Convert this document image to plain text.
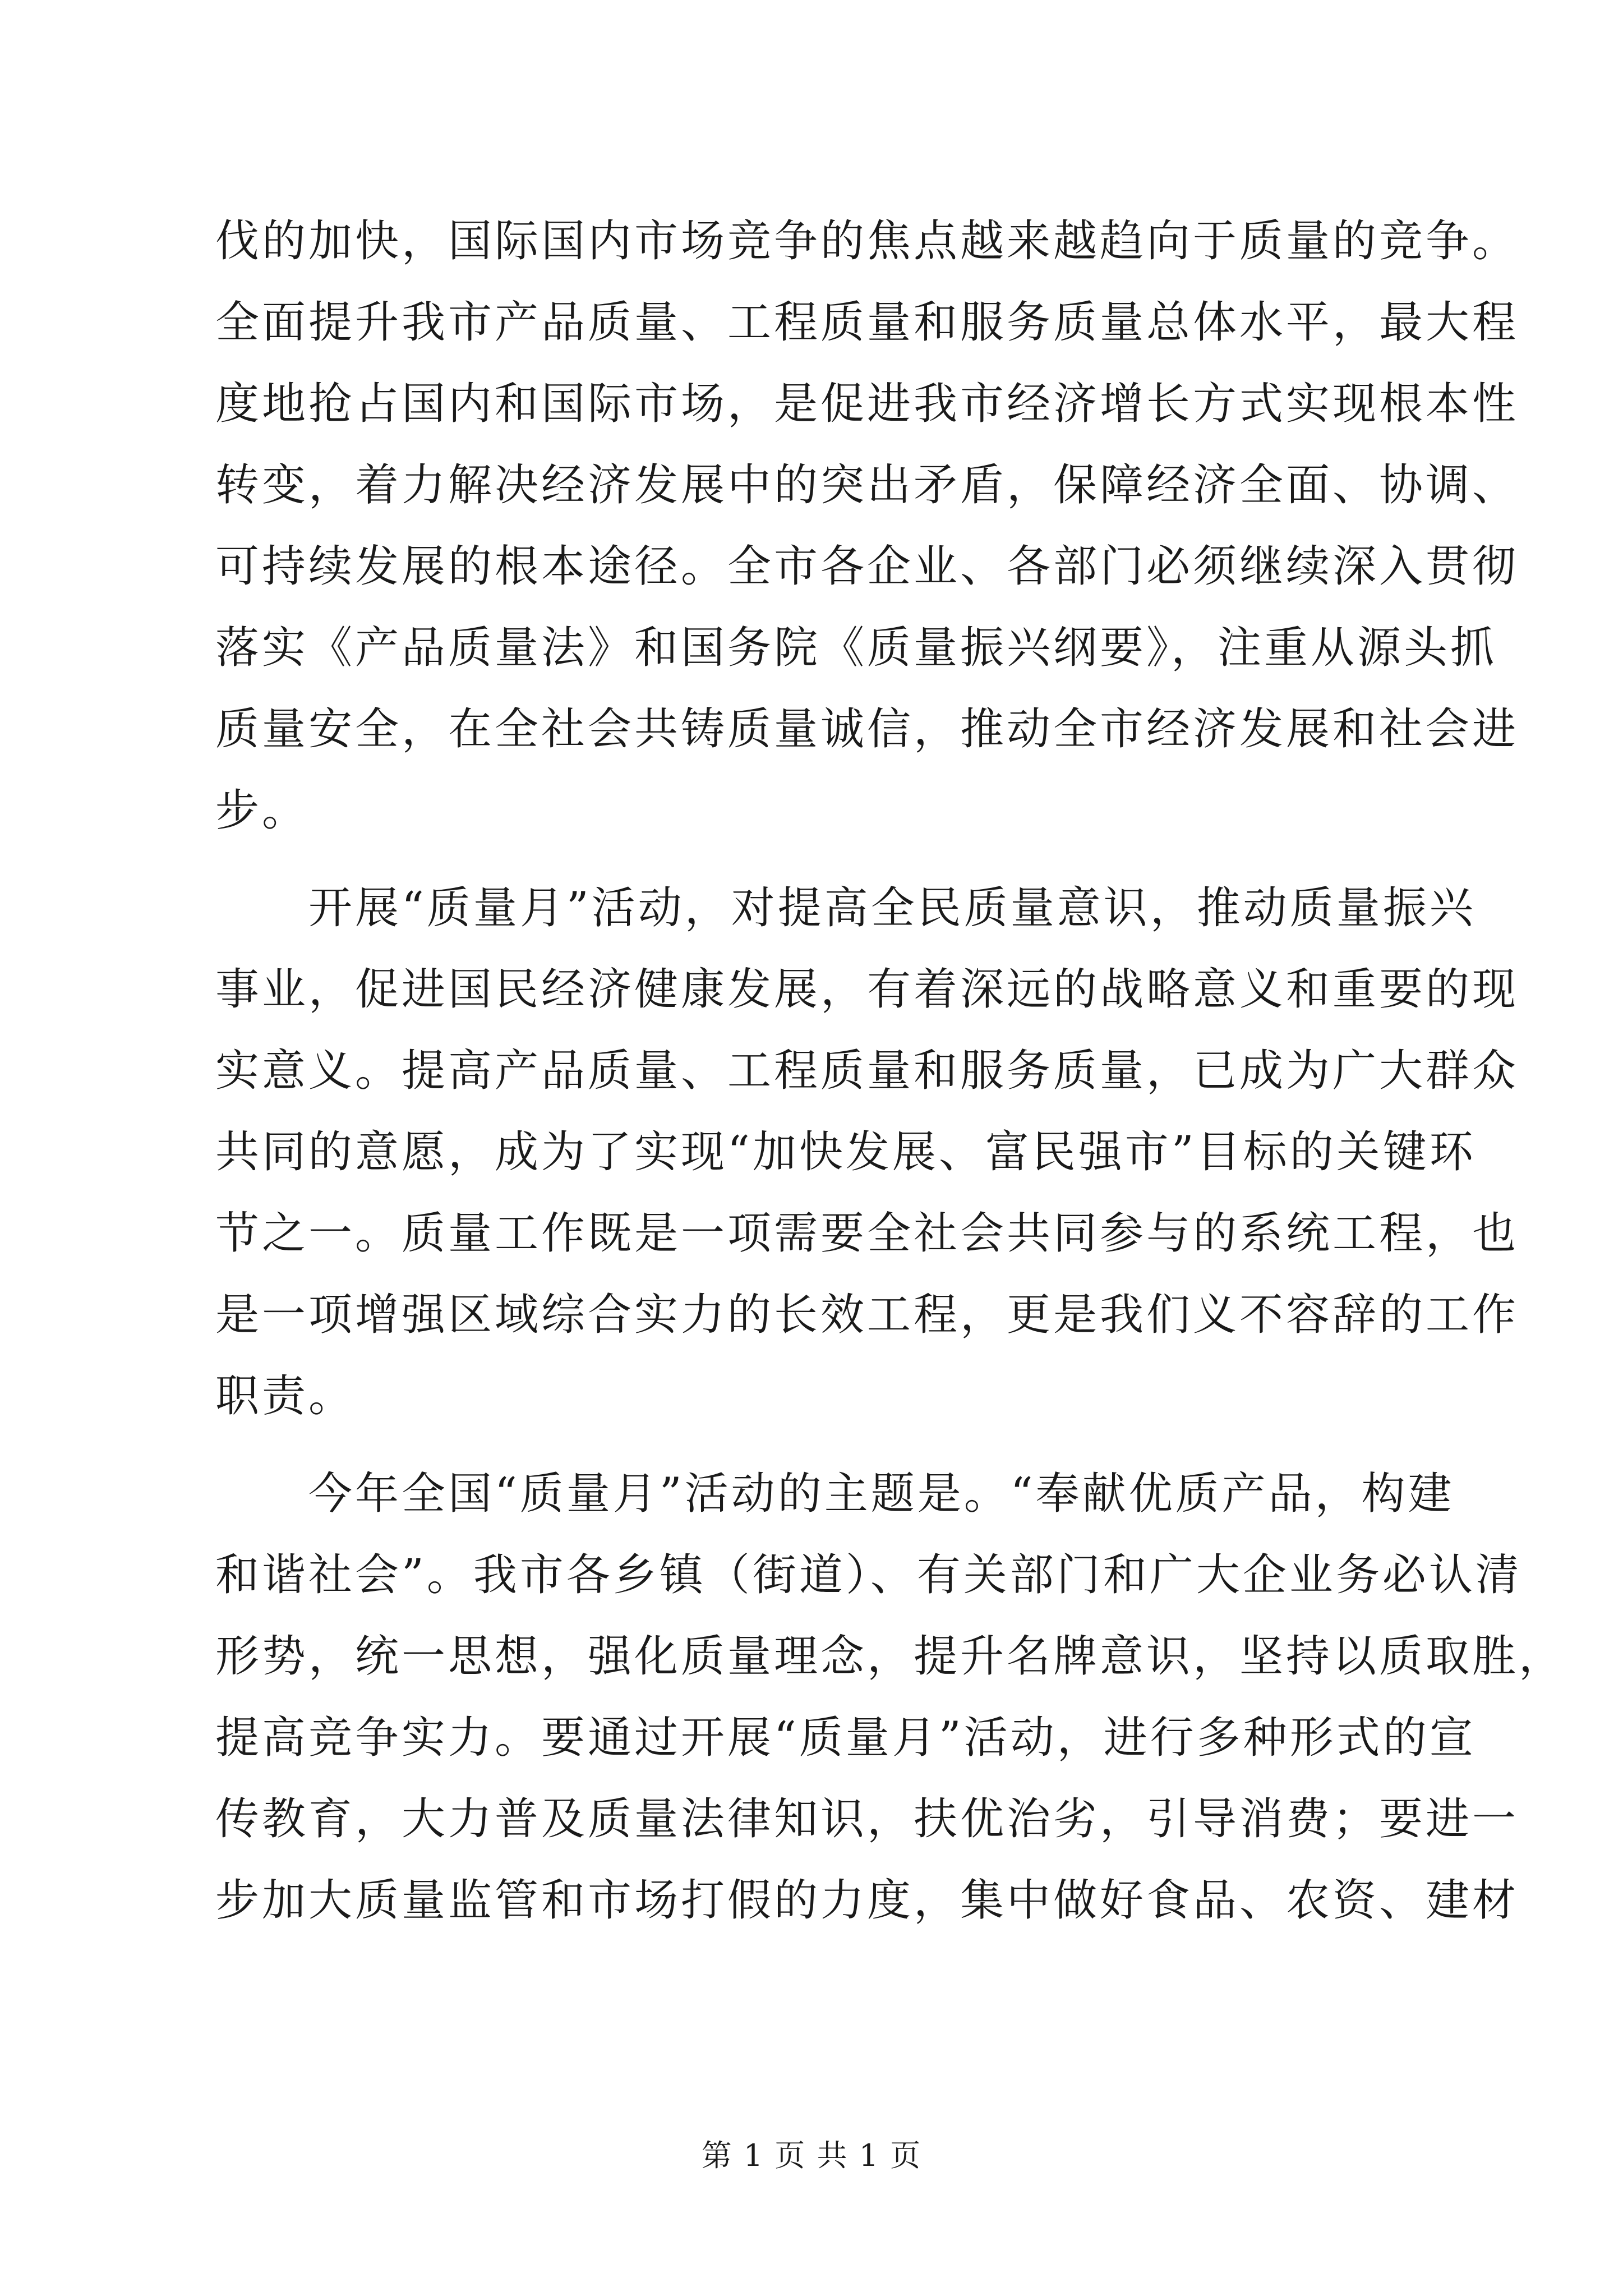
伐的加快，国际国内市场竞争的焦点越来越趋向于质量的竞争。
全面提升我市产品质量、工程质量和服务质量总体水平，最大程
度地抢占国内和国际市场，是促进我市经济增长方式实现根本性
转变，着力解决经济发展中的突出矛盾，保障经济全面、协调、
可持续发展的根本途径。全市各企业、各部门必须继续深入贯彻
落实《产品质量法》和国务院《质量振兴纲要》，注重从源头抓
质量安全，在全社会共铸质量诚信，推动全市经济发展和社会进
步。
　　开展“质量月”活动，对提高全民质量意识，推动质量振兴
事业，促进国民经济健康发展，有着深远的战略意义和重要的现
实意义。提高产品质量、工程质量和服务质量，已成为广大群众
共同的意愿，成为了实现“加快发展、富民强市”目标的关键环
节之一。质量工作既是一项需要全社会共同参与的系统工程，也
是一项增强区域综合实力的长效工程，更是我们义不容辞的工作
职责。
　　今年全国“质量月”活动的主题是。“奉献优质产品，构建
和谐社会”。我市各乡镇（街道）、有关部门和广大企业务必认清
形势，统一思想，强化质量理念，提升名牌意识，坚持以质取胜，
提高竞争实力。要通过开展“质量月”活动，进行多种形式的宣
传教育，大力普及质量法律知识，扶优治劣，引导消费；要进一
步加大质量监管和市场打假的力度，集中做好食品、农资、建材
第 1 页 共 1 页
